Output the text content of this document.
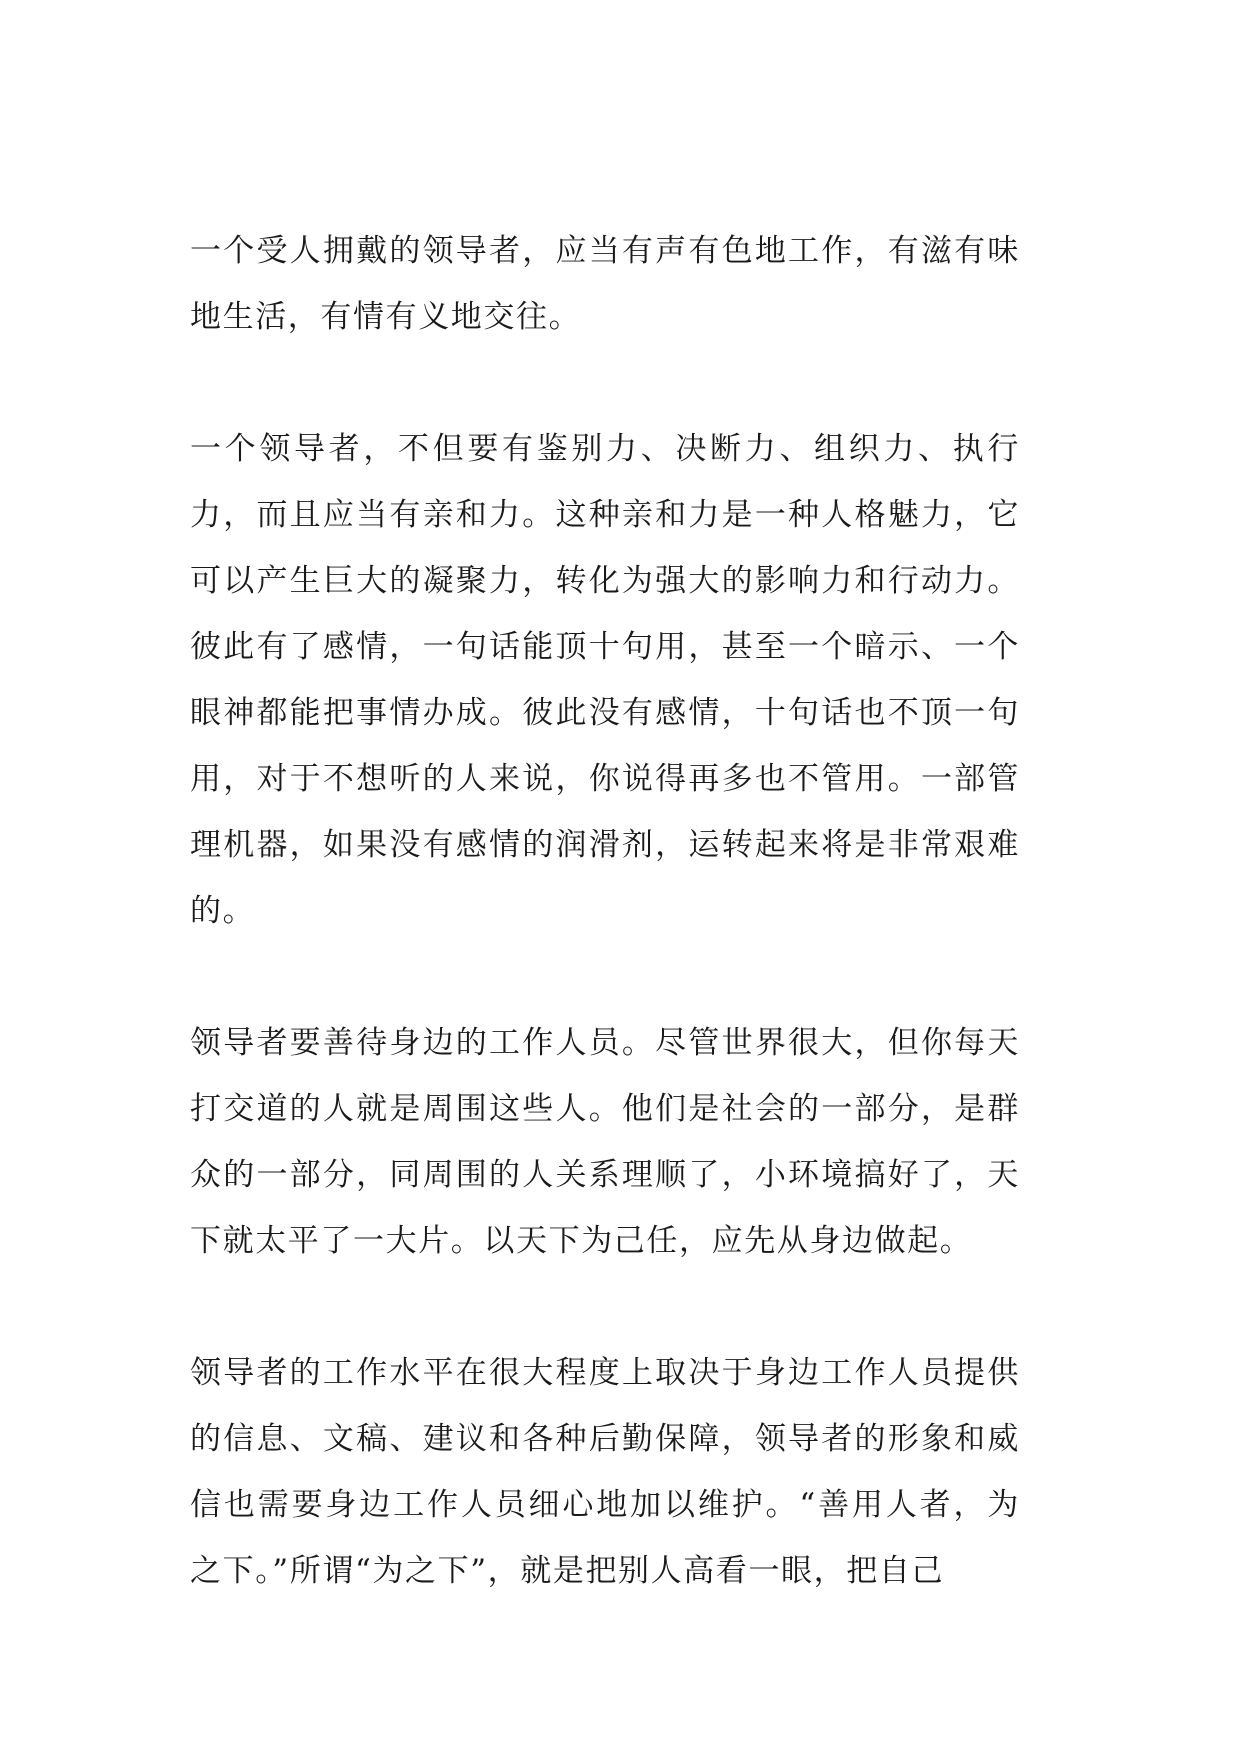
一个受人拥戴的领导者，应当有声有色地工作，有滋有味地生活，有情有义地交往。

一个领导者，不但要有鉴别力、决断力、组织力、执行力，而且应当有亲和力。这种亲和力是一种人格魅力，它可以产生巨大的凝聚力，转化为强大的影响力和行动力。彼此有了感情，一句话能顶十句用，甚至一个暗示、一个眼神都能把事情办成。彼此没有感情，十句话也不顶一句用，对于不想听的人来说，你说得再多也不管用。一部管理机器，如果没有感情的润滑剂，运转起来将是非常艰难的。

领导者要善待身边的工作人员。尽管世界很大，但你每天打交道的人就是周围这些人。他们是社会的一部分，是群众的一部分，同周围的人关系理顺了，小环境搞好了，天下就太平了一大片。以天下为己任，应先从身边做起。

领导者的工作水平在很大程度上取决于身边工作人员提供的信息、文稿、建议和各种后勤保障，领导者的形象和威信也需要身边工作人员细心地加以维护。“善用人者，为之下。”所谓“为之下”，就是把别人高看一眼，把自己
